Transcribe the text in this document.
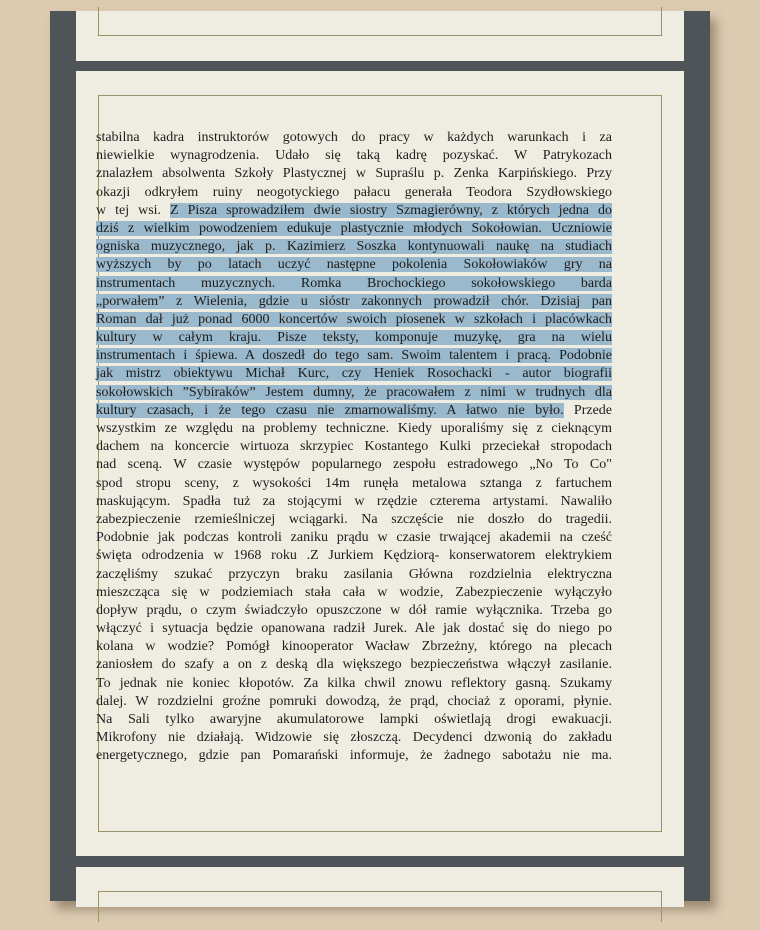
stabilna kadra instruktorów gotowych do pracy w każdych warunkach i za
niewielkie wynagrodzenia. Udało się taką kadrę pozyskać. W Patrykozach
znalazłem absolwenta Szkoły Plastycznej w Supraślu p. Zenka Karpińskiego. Przy
okazji odkryłem ruiny neogotyckiego pałacu generała Teodora Szydłowskiego
w tej wsi. Z Pisza sprowadziłem dwie siostry Szmagierówny, z których jedna do
dziś z wielkim powodzeniem edukuje plastycznie młodych Sokołowian. Uczniowie
ogniska muzycznego, jak p. Kazimierz Soszka kontynuowali naukę na studiach
wyższych by po latach uczyć następne pokolenia Sokołowiaków gry na
instrumentach muzycznych. Romka Brochockiego sokołowskiego barda
„porwałem” z Wielenia, gdzie u sióstr zakonnych prowadził chór. Dzisiaj pan
Roman dał już ponad 6000 koncertów swoich piosenek w szkołach i placówkach
kultury w całym kraju. Pisze teksty, komponuje muzykę, gra na wielu
instrumentach i śpiewa. A doszedł do tego sam. Swoim talentem i pracą. Podobnie
jak mistrz obiektywu Michał Kurc, czy Heniek Rosochacki - autor biografii
sokołowskich ”Sybiraków” Jestem dumny, że pracowałem z nimi w trudnych dla
kultury czasach, i że tego czasu nie zmarnowaliśmy. A łatwo nie było. Przede
wszystkim ze względu na problemy techniczne. Kiedy uporaliśmy się z cieknącym
dachem na koncercie wirtuoza skrzypiec Kostantego Kulki przeciekał stropodach
nad sceną. W czasie występów popularnego zespołu estradowego „No To Co"
spod stropu sceny, z wysokości 14m runęła metalowa sztanga z fartuchem
maskującym. Spadła tuż za stojącymi w rzędzie czterema artystami. Nawaliło
zabezpieczenie rzemieślniczej wciągarki. Na szczęście nie doszło do tragedii.
Podobnie jak podczas kontroli zaniku prądu w czasie trwającej akademii na cześć
święta odrodzenia w 1968 roku .Z Jurkiem Kędziorą- konserwatorem elektrykiem
zaczęliśmy szukać przyczyn braku zasilania Główna rozdzielnia elektryczna
mieszcząca się w podziemiach stała cała w wodzie, Zabezpieczenie wyłączyło
dopływ prądu, o czym świadczyło opuszczone w dół ramie wyłącznika. Trzeba go
włączyć i sytuacja będzie opanowana radził Jurek. Ale jak dostać się do niego po
kolana w wodzie? Pomógł kinooperator Wacław Zbrzeżny, którego na plecach
zaniosłem do szafy a on z deską dla większego bezpieczeństwa włączył zasilanie.
To jednak nie koniec kłopotów. Za kilka chwil znowu reflektory gasną. Szukamy
dalej. W rozdzielni groźne pomruki dowodzą, że prąd, chociaż z oporami, płynie.
Na Sali tylko awaryjne akumulatorowe lampki oświetlają drogi ewakuacji.
Mikrofony nie działają. Widzowie się złoszczą. Decydenci dzwonią do zakładu
energetycznego, gdzie pan Pomarański informuje, że żadnego sabotażu nie ma.
